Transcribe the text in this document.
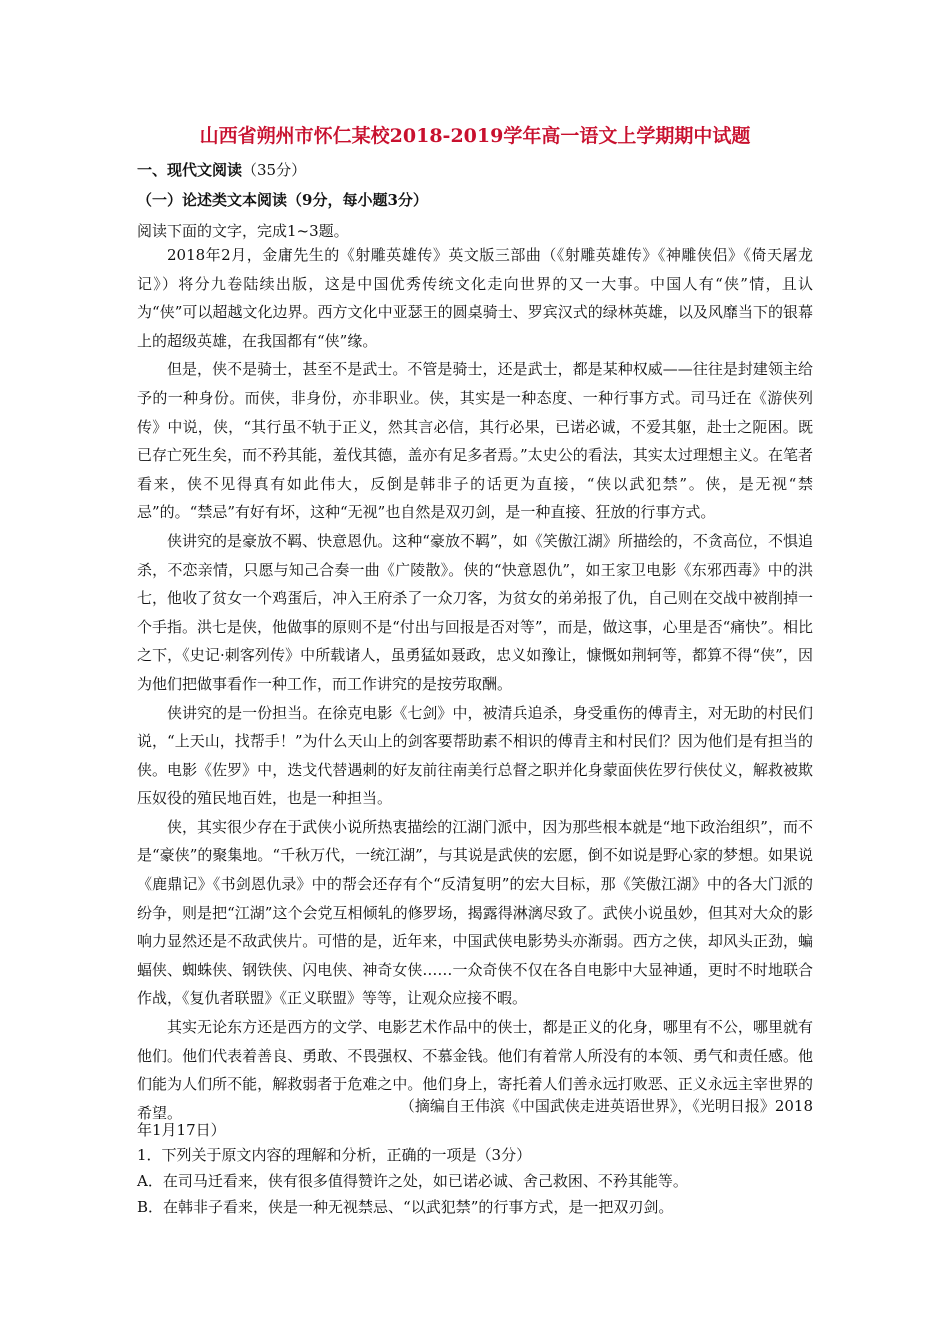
山西省朔州市怀仁某校2018-2019学年高一语文上学期期中试题
一、现代文阅读（35分）
（一）论述类文本阅读（9分，每小题3分）
阅读下面的文字，完成1~3题。

2018年2月，金庸先生的《射雕英雄传》英文版三部曲（《射雕英雄传》《神雕侠侣》《倚天屠龙记》）将分九卷陆续出版，这是中国优秀传统文化走向世界的又一大事。中国人有“侠”情，且认为“侠”可以超越文化边界。西方文化中亚瑟王的圆桌骑士、罗宾汉式的绿林英雄，以及风靡当下的银幕上的超级英雄，在我国都有“侠”缘。

但是，侠不是骑士，甚至不是武士。不管是骑士，还是武士，都是某种权威——往往是封建领主给予的一种身份。而侠，非身份，亦非职业。侠，其实是一种态度、一种行事方式。司马迁在《游侠列传》中说，侠，“其行虽不轨于正义，然其言必信，其行必果，已诺必诚，不爱其躯，赴士之阨困。既已存亡死生矣，而不矜其能，羞伐其德，盖亦有足多者焉。”太史公的看法，其实太过理想主义。在笔者看来，侠不见得真有如此伟大，反倒是韩非子的话更为直接，“侠以武犯禁”。侠，是无视“禁忌”的。“禁忌”有好有坏，这种“无视”也自然是双刃剑，是一种直接、狂放的行事方式。

侠讲究的是豪放不羁、快意恩仇。这种“豪放不羁”，如《笑傲江湖》所描绘的，不贪高位，不惧追杀，不恋亲情，只愿与知己合奏一曲《广陵散》。侠的“快意恩仇”，如王家卫电影《东邪西毒》中的洪七，他收了贫女一个鸡蛋后，冲入王府杀了一众刀客，为贫女的弟弟报了仇，自己则在交战中被削掉一个手指。洪七是侠，他做事的原则不是“付出与回报是否对等”，而是，做这事，心里是否“痛快”。相比之下，《史记·刺客列传》中所载诸人，虽勇猛如聂政，忠义如豫让，慷慨如荆轲等，都算不得“侠”，因为他们把做事看作一种工作，而工作讲究的是按劳取酬。

侠讲究的是一份担当。在徐克电影《七剑》中，被清兵追杀，身受重伤的傅青主，对无助的村民们说，“上天山，找帮手！”为什么天山上的剑客要帮助素不相识的傅青主和村民们？因为他们是有担当的侠。电影《佐罗》中，迭戈代替遇刺的好友前往南美行总督之职并化身蒙面侠佐罗行侠仗义，解救被欺压奴役的殖民地百姓，也是一种担当。

侠，其实很少存在于武侠小说所热衷描绘的江湖门派中，因为那些根本就是“地下政治组织”，而不是“豪侠”的聚集地。“千秋万代，一统江湖”，与其说是武侠的宏愿，倒不如说是野心家的梦想。如果说《鹿鼎记》《书剑恩仇录》中的帮会还存有个“反清复明”的宏大目标，那《笑傲江湖》中的各大门派的纷争，则是把“江湖”这个会党互相倾轧的修罗场，揭露得淋漓尽致了。武侠小说虽妙，但其对大众的影响力显然还是不敌武侠片。可惜的是，近年来，中国武侠电影势头亦渐弱。西方之侠，却风头正劲，蝙蝠侠、蜘蛛侠、钢铁侠、闪电侠、神奇女侠……一众奇侠不仅在各自电影中大显神通，更时不时地联合作战，《复仇者联盟》《正义联盟》等等，让观众应接不暇。

其实无论东方还是西方的文学、电影艺术作品中的侠士，都是正义的化身，哪里有不公，哪里就有他们。他们代表着善良、勇敢、不畏强权、不慕金钱。他们有着常人所没有的本领、勇气和责任感。他们能为人们所不能，解救弱者于危难之中。他们身上，寄托着人们善永远打败恶、正义永远主宰世界的希望。	（摘编自王伟滨《中国武侠走进英语世界》，《光明日报》2018
年1月17日）
1．下列关于原文内容的理解和分析，正确的一项是（3分）
A．在司马迁看来，侠有很多值得赞许之处，如已诺必诚、舍己救困、不矜其能等。
B．在韩非子看来，侠是一种无视禁忌、“以武犯禁”的行事方式，是一把双刃剑。
